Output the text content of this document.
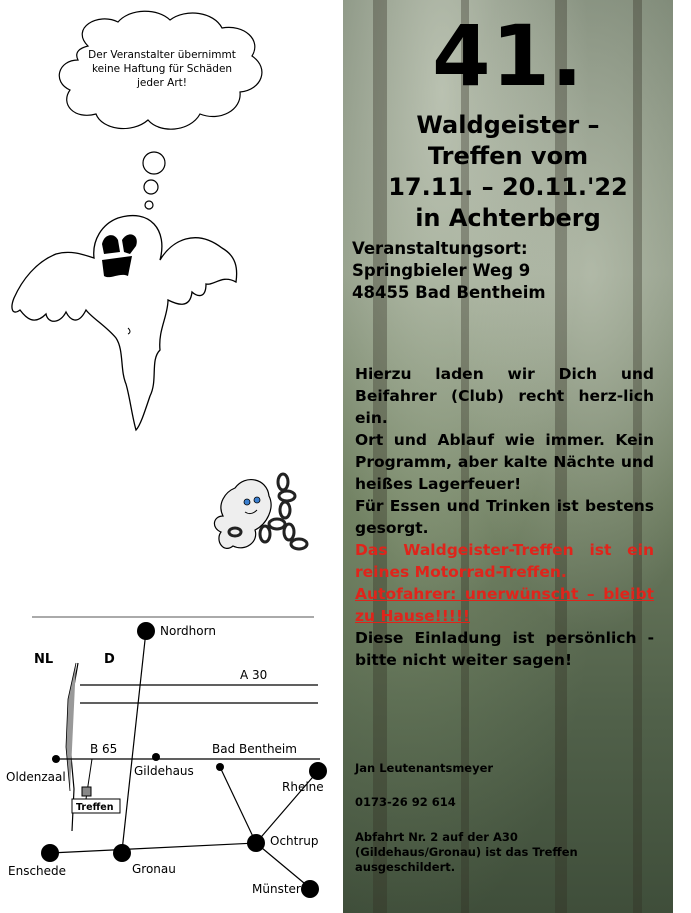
Der Veranstalter übernimmt
keine Haftung für Schäden
jeder Art!
NL	D
Nordhorn
A 30
B 65	Bad Bentheim
Oldenzaal	Gildehaus
Rheine
Treffen
Ochtrup
Enschede	Gronau
Münster
41.
Waldgeister –
Treffen vom
17.11. – 20.11.'22
in Achterberg
Veranstaltungsort:
Springbieler Weg 9
48455 Bad Bentheim

Hierzu laden wir Dich und Beifahrer (Club) recht herz-lich ein.

Ort und Ablauf wie immer. Kein Programm, aber kalte Nächte und heißes Lagerfeuer!

Für Essen und Trinken ist bestens gesorgt.

Das Waldgeister-Treffen ist ein reines Motorrad-Treffen.

Autofahrer: unerwünscht – bleibt zu Hause!!!!!

Diese Einladung ist persönlich - bitte nicht weiter sagen!

Jan Leutenantsmeyer
0173-26 92 614
Abfahrt Nr. 2 auf der A30
(Gildehaus/Gronau) ist das Treffen
ausgeschildert.
